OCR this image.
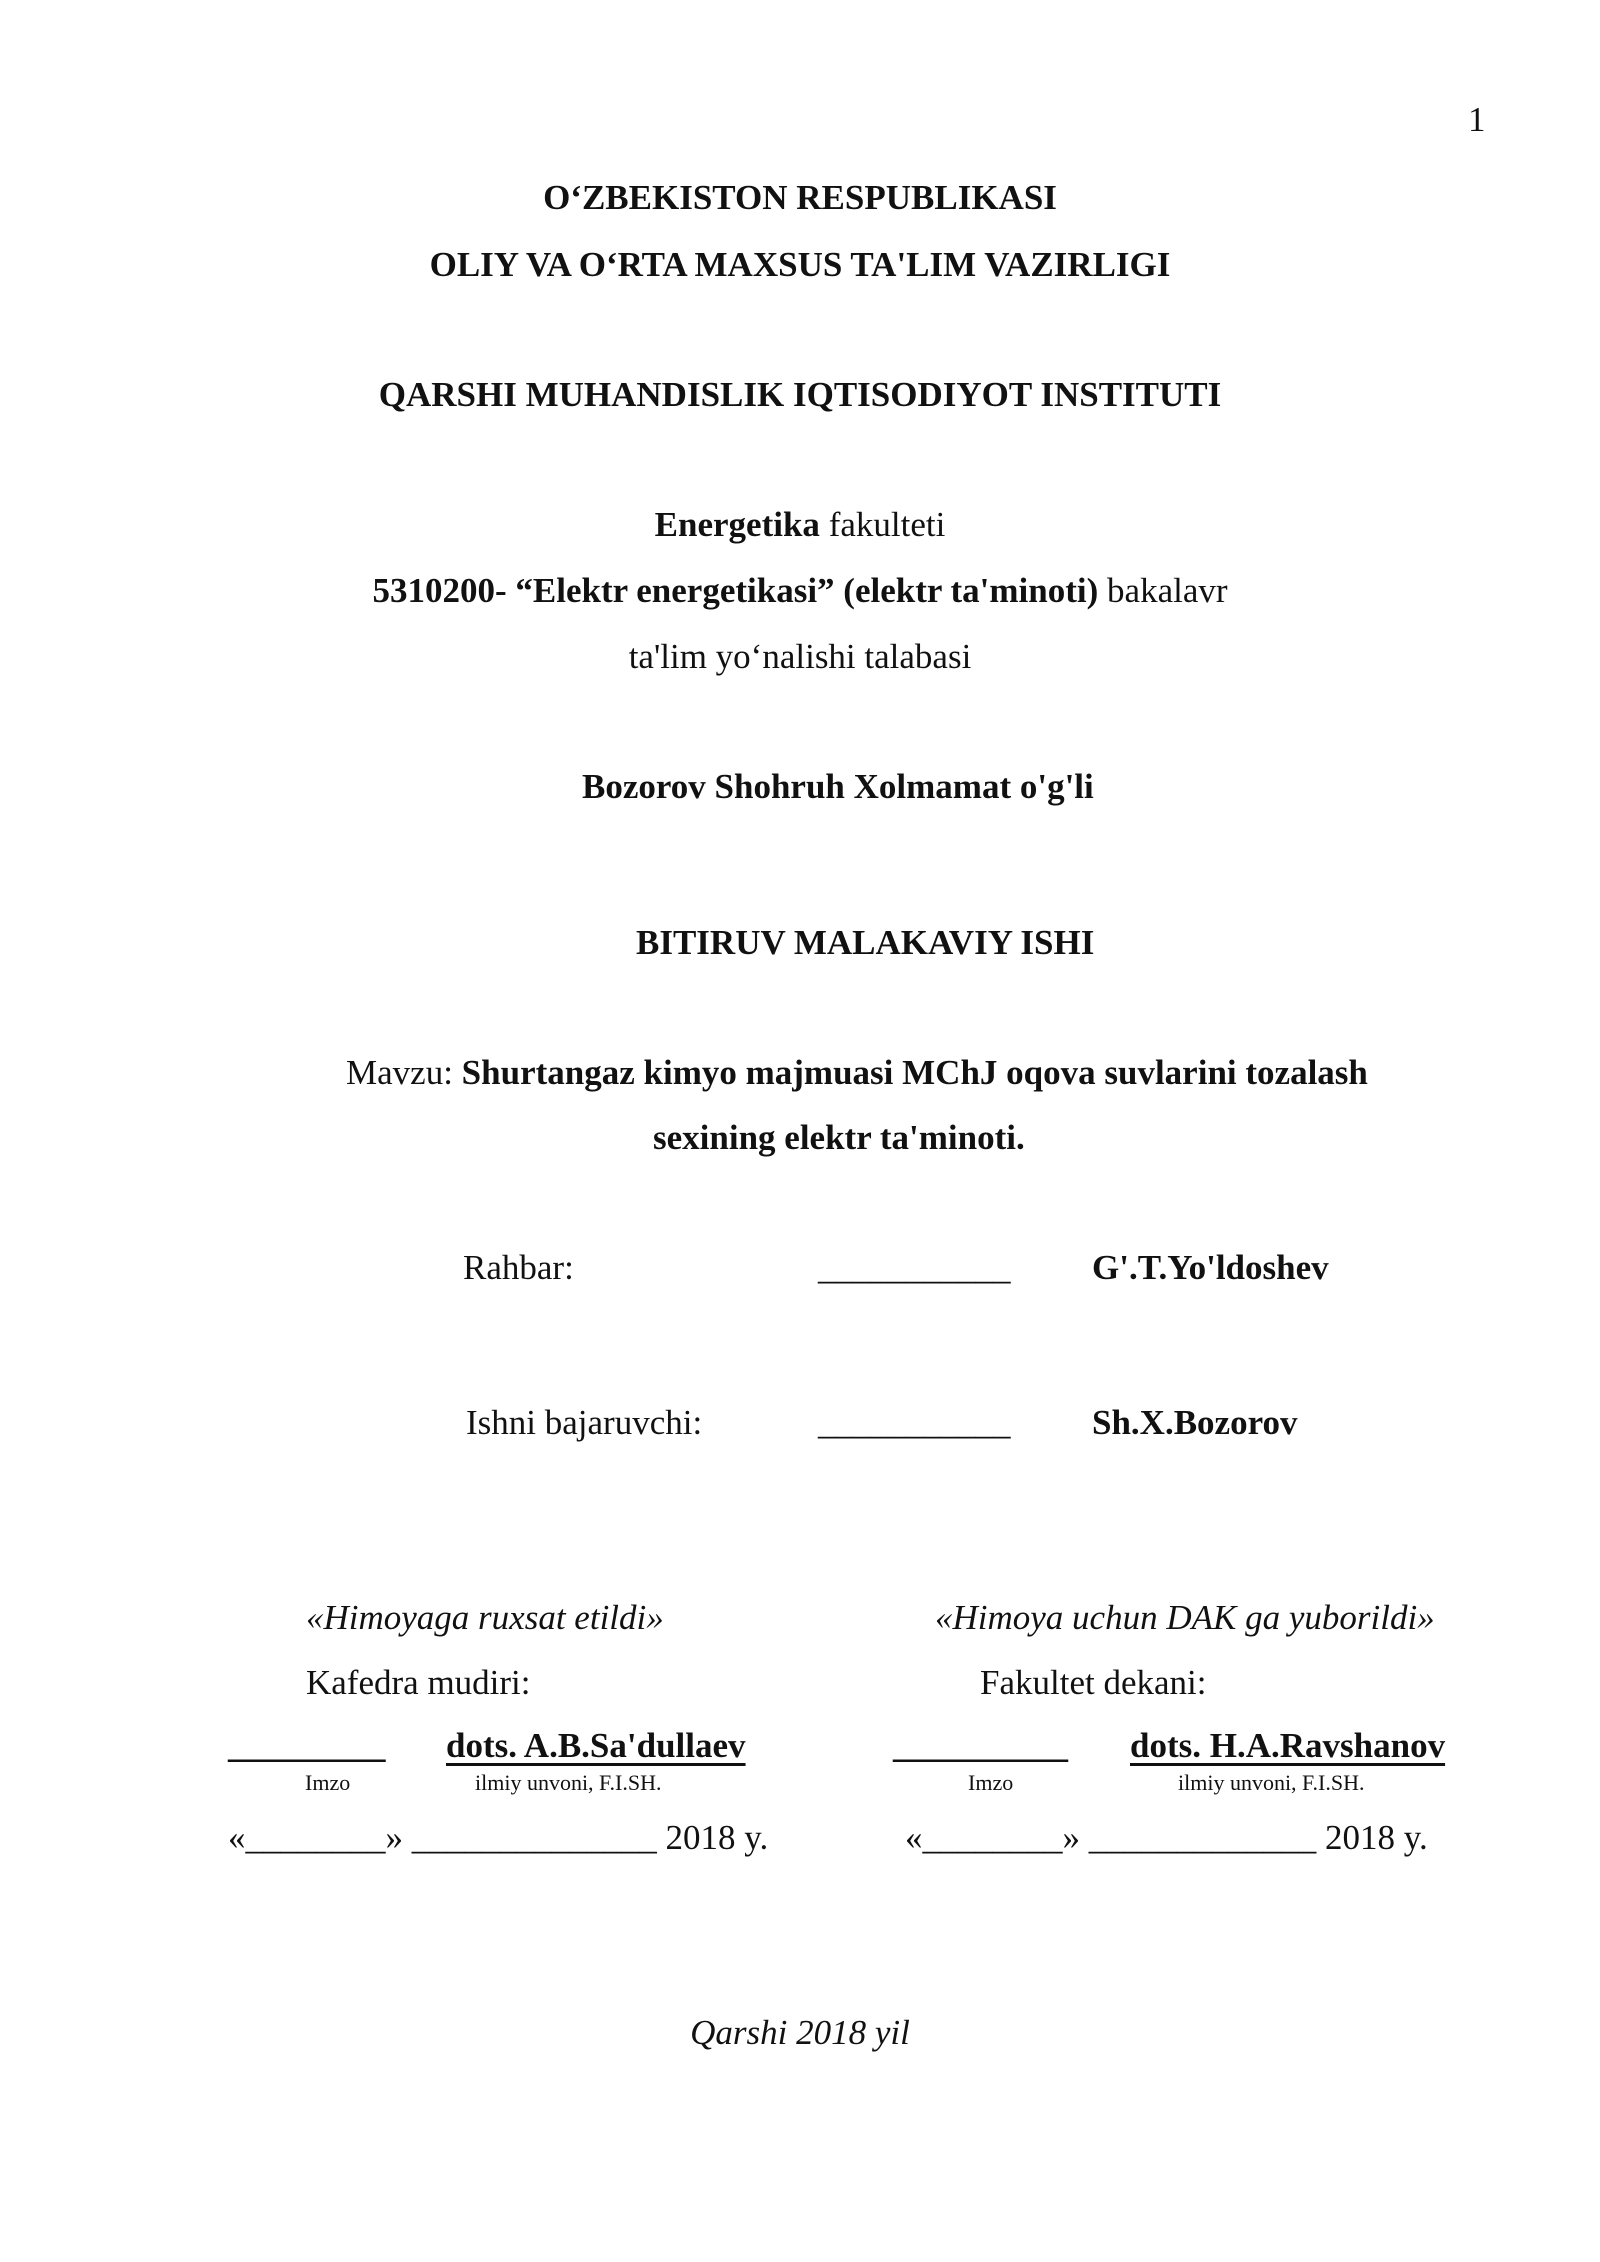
1
O‘ZBEKISTON RESPUBLIKASI
OLIY VA O‘RTA MAXSUS TA'LIM VAZIRLIGI
QARSHI MUHANDISLIK IQTISODIYOT INSTITUTI
Energetika fakulteti
5310200- “Elektr energetikasi” (elektr ta'minoti) bakalavr
ta'lim yo‘nalishi talabasi
Bozorov Shohruh Xolmamat o'g'li
BITIRUV MALAKAVIY ISHI
Mavzu: Shurtangaz kimyo majmuasi MChJ oqova suvlarini tozalash
sexining elektr ta'minoti.
Rahbar:	___________ G'.T.Yo'ldoshev
Ishni bajaruvchi:	___________ Sh.X.Bozorov
«Himoyaga ruxsat etildi»
Kafedra mudiri:
_________ dots. A.B.Sa'dullaev
Imzo	ilmiy unvoni, F.I.SH.
«________» ______________ 2018 y.
«Himoya uchun DAK ga yuborildi»
Fakultet dekani:
__________ dots. H.A.Ravshanov
Imzo	ilmiy unvoni, F.I.SH.
«________» _____________ 2018 y.
Qarshi 2018 yil
